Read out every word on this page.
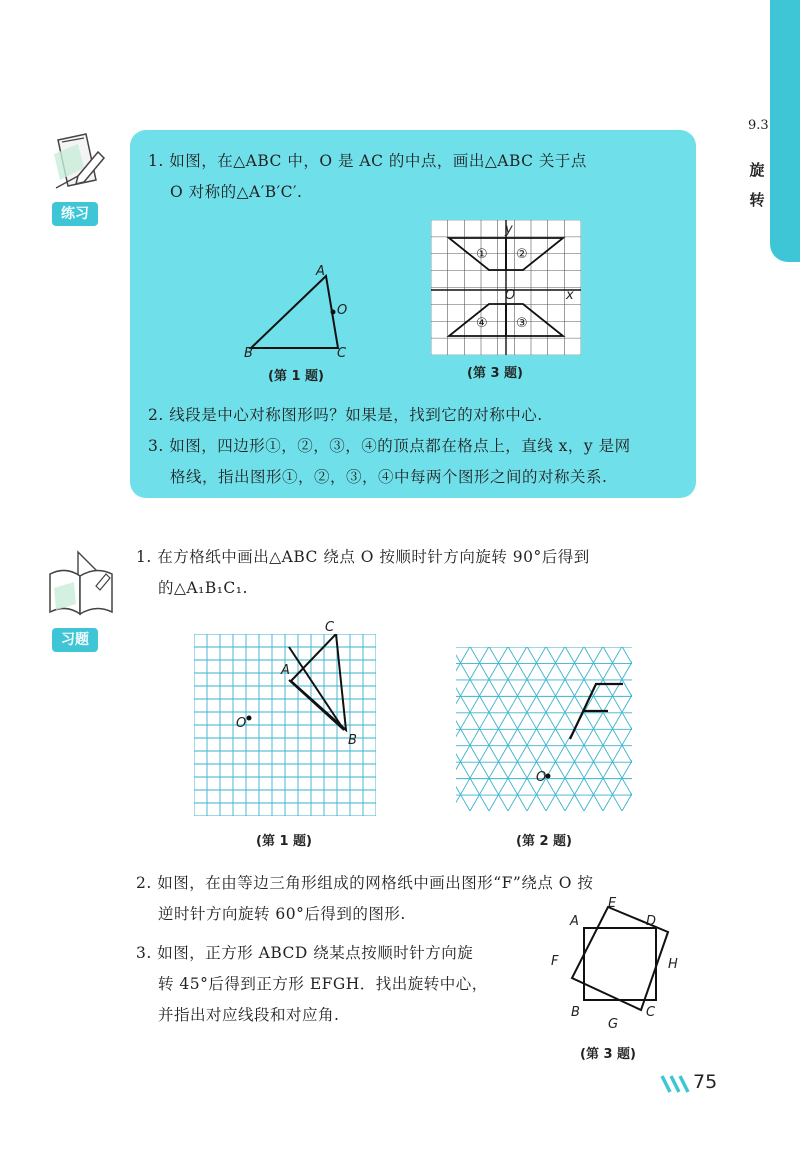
9.3
旋转
练习
1. 如图，在△ABC 中，O 是 AC 的中点，画出△ABC 关于点
O 对称的△A′B′C′.
A
B	C
O
(第 1 题)
y
x
O
① ②
④ ③
(第 3 题)
2. 线段是中心对称图形吗？如果是，找到它的对称中心.
3. 如图，四边形①，②，③，④的顶点都在格点上，直线 x，y 是网
格线，指出图形①，②，③，④中每两个图形之间的对称关系.
习题
1. 在方格纸中画出△ABC 绕点 O 按顺时针方向旋转 90°后得到
的△A₁B₁C₁.
C
A
B
O
(第 1 题)
O
(第 2 题)
2. 如图，在由等边三角形组成的网格纸中画出图形“F”绕点 O 按
逆时针方向旋转 60°后得到的图形.
3. 如图，正方形 ABCD 绕某点按顺时针方向旋
转 45°后得到正方形 EFGH．找出旋转中心，
并指出对应线段和对应角.
A
E
D
F	H
B
G
C
(第 3 题)
75
